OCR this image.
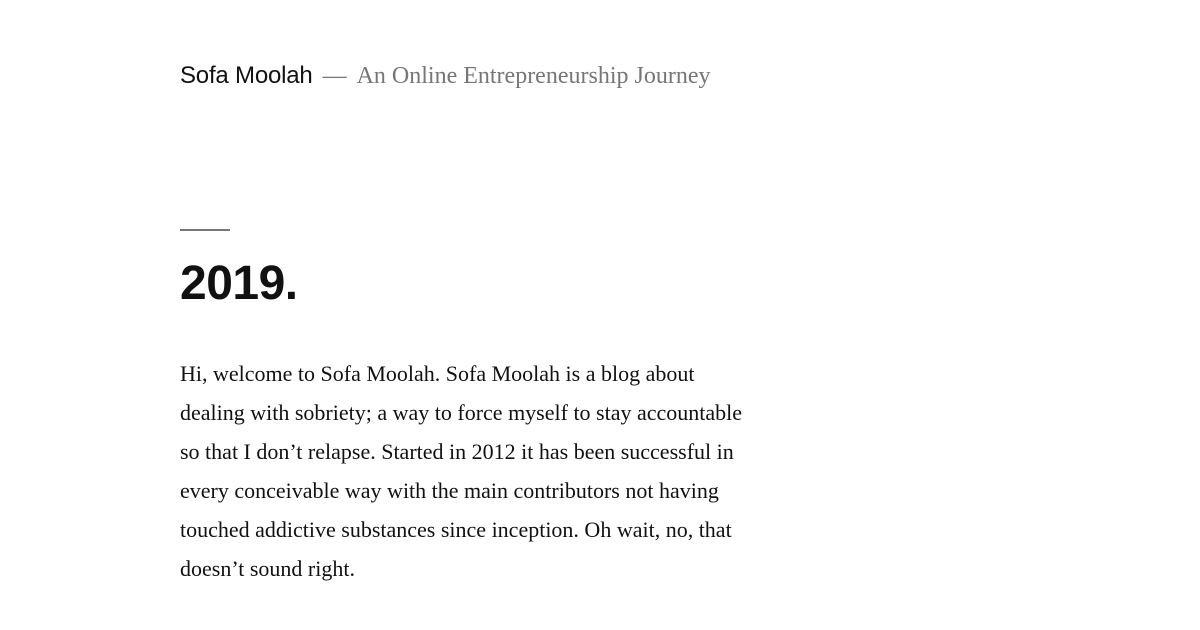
Sofa Moolah — An Online Entrepreneurship Journey
2019.

Hi, welcome to Sofa Moolah. Sofa Moolah is a blog about dealing with sobriety; a way to force myself to stay accountable so that I don’t relapse. Started in 2012 it has been successful in every conceivable way with the main contributors not having touched addictive substances since inception. Oh wait, no, that doesn’t sound right.
